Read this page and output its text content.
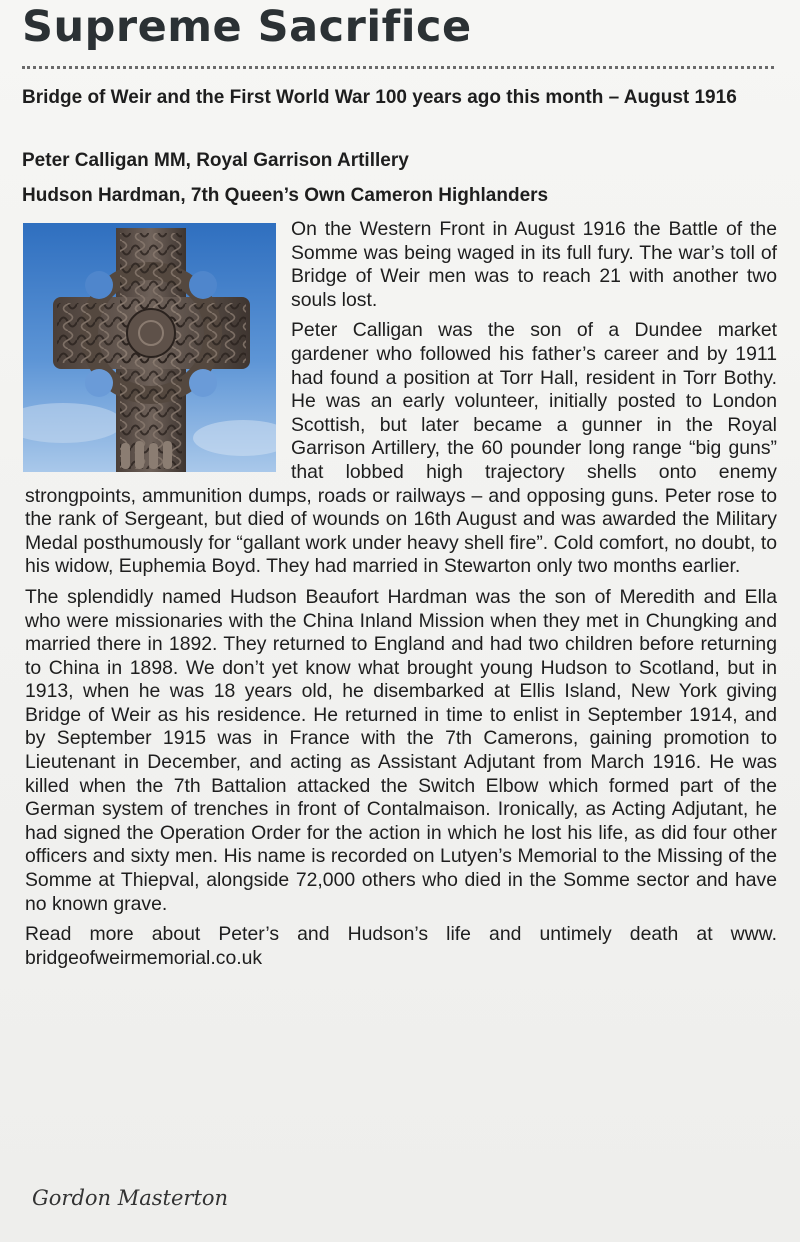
Supreme Sacrifice
Bridge of Weir and the First World War 100 years ago this month – August 1916
Peter Calligan MM, Royal Garrison Artillery
Hudson Hardman, 7th Queen’s Own Cameron Highlanders

On the Western Front in August 1916 the Battle of the Somme was being waged in its full fury. The war’s toll of Bridge of Weir men was to reach 21 with another two souls lost.

Peter Calligan was the son of a Dundee market gardener who followed his father’s career and by 1911 had found a position at Torr Hall, resident in Torr Bothy. He was an early volunteer, initially posted to London Scottish, but later became a gunner in the Royal Garrison Artillery, the 60 pounder long range “big guns” that lobbed high trajectory shells onto enemy strongpoints, ammunition dumps, roads or railways – and opposing guns. Peter rose to the rank of Sergeant, but died of wounds on 16th August and was awarded the Military Medal posthumously for “gallant work under heavy shell fire”. Cold comfort, no doubt, to his widow, Euphemia Boyd. They had married in Stewarton only two months earlier.

The splendidly named Hudson Beaufort Hardman was the son of Meredith and Ella who were missionaries with the China Inland Mission when they met in Chungking and married there in 1892. They returned to England and had two children before returning to China in 1898. We don’t yet know what brought young Hudson to Scotland, but in 1913, when he was 18 years old, he disembarked at Ellis Island, New York giving Bridge of Weir as his residence. He returned in time to enlist in September 1914, and by September 1915 was in France with the 7th Camerons, gaining promotion to Lieutenant in December, and acting as Assistant Adjutant from March 1916. He was killed when the 7th Battalion attacked the Switch Elbow which formed part of the German system of trenches in front of Contalmaison. Ironically, as Acting Adjutant, he had signed the Operation Order for the action in which he lost his life, as did four other officers and sixty men. His name is recorded on Lutyen’s Memorial to the Missing of the Somme at Thiepval, alongside 72,000 others who died in the Somme sector and have no known grave.

Read more about Peter’s and Hudson’s life and untimely death at www. bridgeofweirmemorial.co.uk

Gordon Masterton
